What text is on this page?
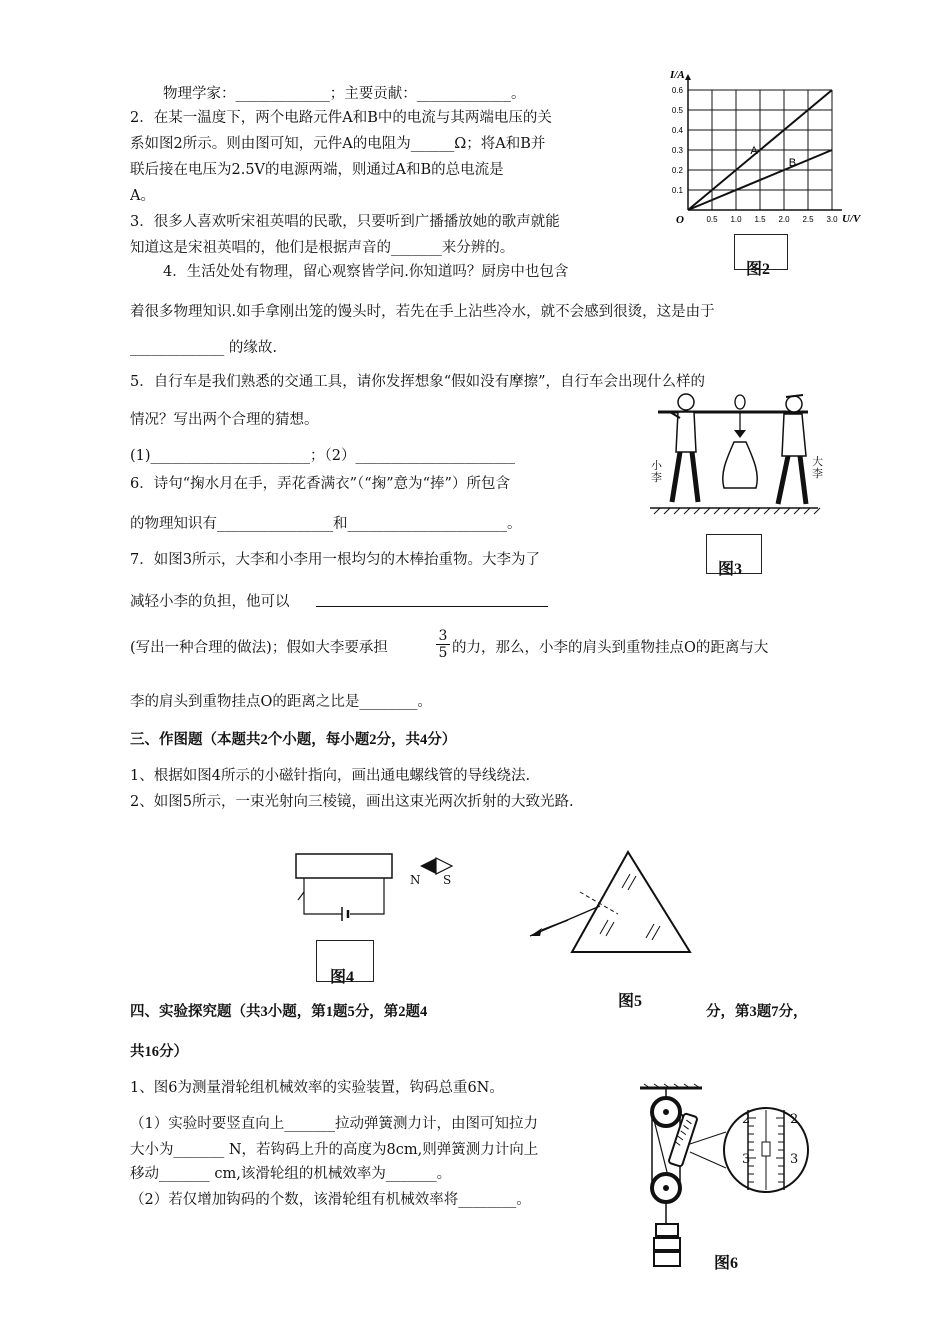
物理学家：_____________；主要贡献：_____________。
2．在某一温度下，两个电路元件A和B中的电流与其两端电压的关
系如图2所示。则由图可知，元件A的电阻为______Ω；将A和B并
联后接在电压为2.5V的电源两端，则通过A和B的总电流是
A。
3．很多人喜欢听宋祖英唱的民歌，只要听到广播播放她的歌声就能
知道这是宋祖英唱的，他们是根据声音的_______来分辨的。
4．生活处处有物理，留心观察皆学问.你知道吗？厨房中也包含
着很多物理知识.如手拿刚出笼的馒头时，若先在手上沾些冷水，就不会感到很烫，这是由于
_____________ 的缘故.
5．自行车是我们熟悉的交通工具，请你发挥想象“假如没有摩擦”，自行车会出现什么样的
情况？写出两个合理的猜想。
(1)______________________；（2）______________________
6．诗句“掬水月在手，弄花香满衣”（“掬”意为“捧”）所包含
的物理知识有________________和______________________。
7．如图3所示，大李和小李用一根均匀的木棒抬重物。大李为了
减轻小李的负担，他可以
(写出一种合理的做法)；假如大李要承担
3
5 的力，那么，小李的肩头到重物挂点O的距离与大
李的肩头到重物挂点O的距离之比是________。
三、作图题（本题共2个小题，每小题2分，共4分）
1、根据如图4所示的小磁针指向，画出通电螺线管的导线绕法.
2、如图5所示，一束光射向三棱镜，画出这束光两次折射的大致光路.
四、实验探究题（共3小题，第1题5分，第2题4	分，第3题7分，
共16分）
1、图6为测量滑轮组机械效率的实验装置，钩码总重6N。
（1）实验时要竖直向上_______拉动弹簧测力计，由图可知拉力
大小为_______ N，若钩码上升的高度为8cm,则弹簧测力计向上
移动_______ cm,该滑轮组的机械效率为_______。
（2）若仅增加钩码的个数，该滑轮组有机械效率将________。
0.6
0.5
0.4
0.3
0.2
0.1
0.5 1.0 1.5 2.0 2.5 3.0
O
I/A
U/V
A
B
图2
小李
大李
图3
N S
图4
图5
2	2
3	3
图6
